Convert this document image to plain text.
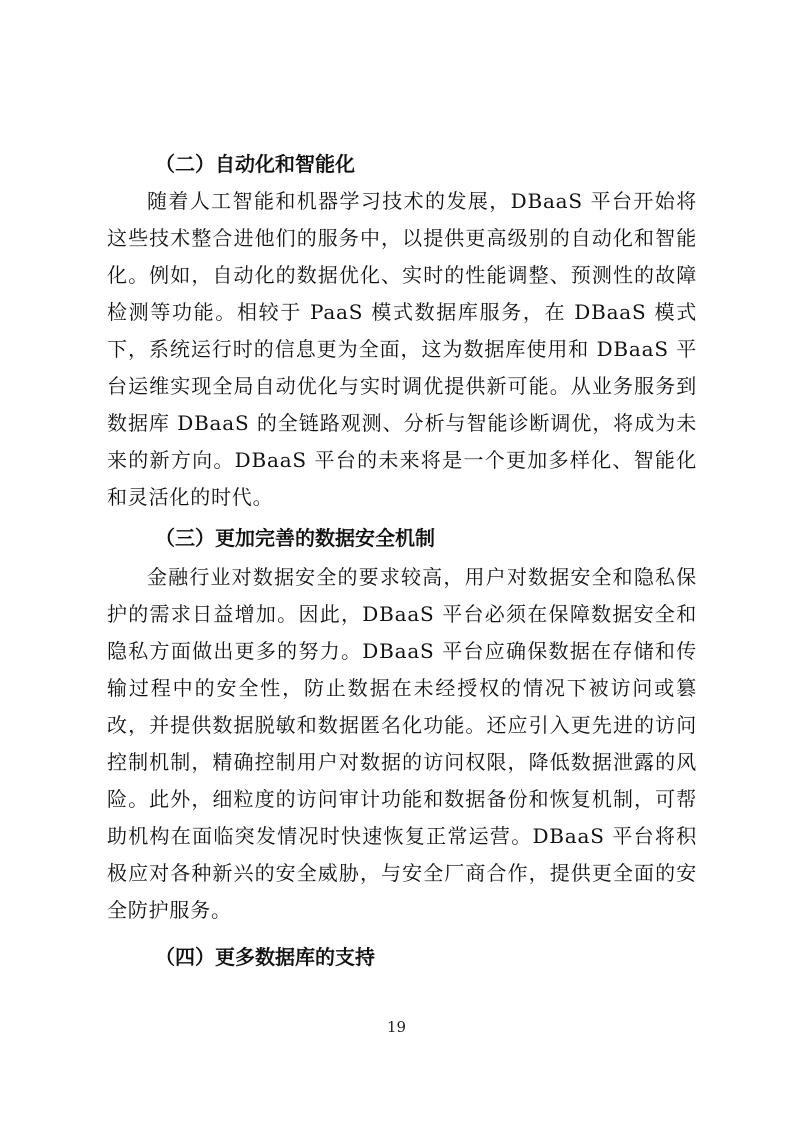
（二）自动化和智能化

随着人工智能和机器学习技术的发展，DBaaS 平台开始将这些技术整合进他们的服务中，以提供更高级别的自动化和智能化。例如，自动化的数据优化、实时的性能调整、预测性的故障检测等功能。相较于 PaaS 模式数据库服务，在 DBaaS 模式下，系统运行时的信息更为全面，这为数据库使用和 DBaaS 平台运维实现全局自动优化与实时调优提供新可能。从业务服务到数据库 DBaaS 的全链路观测、分析与智能诊断调优，将成为未来的新方向。DBaaS 平台的未来将是一个更加多样化、智能化和灵活化的时代。

（三）更加完善的数据安全机制

金融行业对数据安全的要求较高，用户对数据安全和隐私保护的需求日益增加。因此，DBaaS 平台必须在保障数据安全和隐私方面做出更多的努力。DBaaS 平台应确保数据在存储和传输过程中的安全性，防止数据在未经授权的情况下被访问或篡改，并提供数据脱敏和数据匿名化功能。还应引入更先进的访问控制机制，精确控制用户对数据的访问权限，降低数据泄露的风险。此外，细粒度的访问审计功能和数据备份和恢复机制，可帮助机构在面临突发情况时快速恢复正常运营。DBaaS 平台将积极应对各种新兴的安全威胁，与安全厂商合作，提供更全面的安全防护服务。

（四）更多数据库的支持
19
